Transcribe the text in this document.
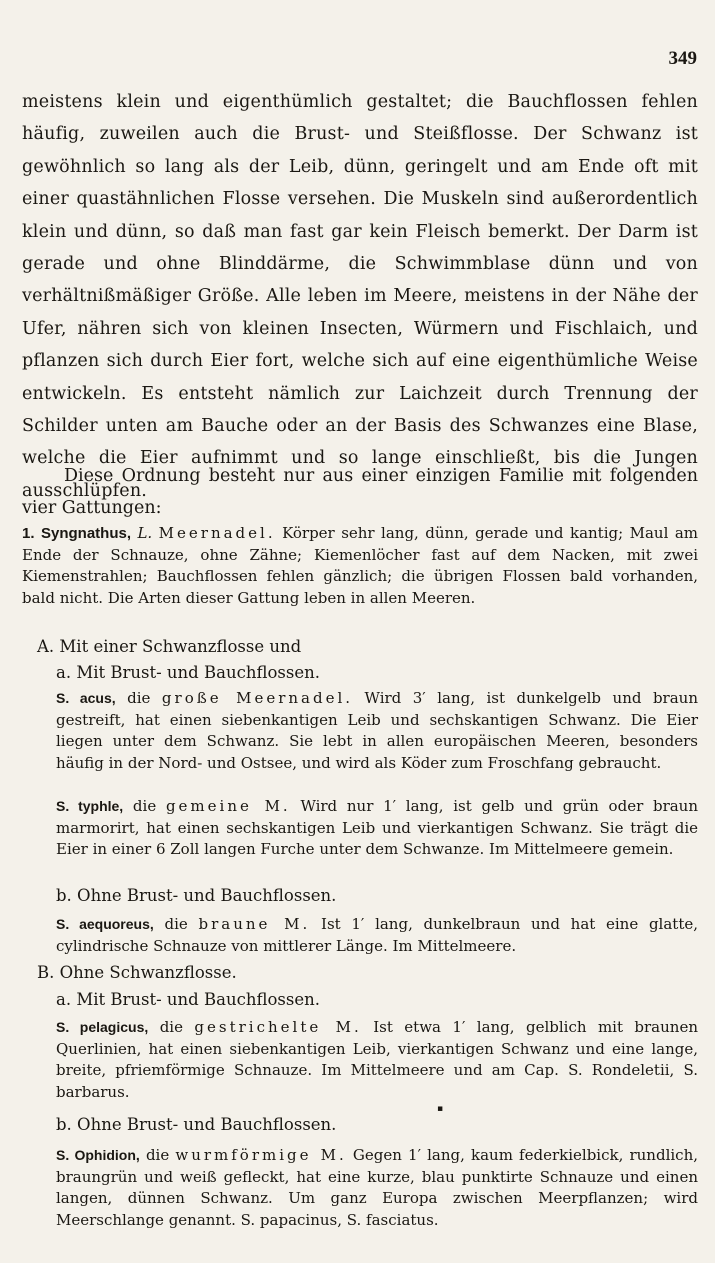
349

meistens klein und eigenthümlich gestaltet; die Bauchflossen fehlen häufig, zuweilen auch die Brust- und Steißflosse. Der Schwanz ist gewöhnlich so lang als der Leib, dünn, geringelt und am Ende oft mit einer quastähnlichen Flosse versehen. Die Muskeln sind außerordentlich klein und dünn, so daß man fast gar kein Fleisch bemerkt. Der Darm ist gerade und ohne Blinddärme, die Schwimmblase dünn und von verhältnißmäßiger Größe. Alle leben im Meere, meistens in der Nähe der Ufer, nähren sich von kleinen Insecten, Würmern und Fischlaich, und pflanzen sich durch Eier fort, welche sich auf eine eigenthümliche Weise entwickeln. Es entsteht nämlich zur Laichzeit durch Trennung der Schilder unten am Bauche oder an der Basis des Schwanzes eine Blase, welche die Eier aufnimmt und so lange einschließt, bis die Jungen ausschlüpfen.

Diese Ordnung besteht nur aus einer einzigen Familie mit folgenden vier Gattungen:

1. Syngnathus, L. Meernadel. Körper sehr lang, dünn, gerade und kantig; Maul am Ende der Schnauze, ohne Zähne; Kiemenlöcher fast auf dem Nacken, mit zwei Kiemenstrahlen; Bauchflossen fehlen gänzlich; die übrigen Flossen bald vorhanden, bald nicht. Die Arten dieser Gattung leben in allen Meeren.
A. Mit einer Schwanzflosse und
a. Mit Brust- und Bauchflossen.
S. acus, die große Meernadel. Wird 3′ lang, ist dunkelgelb und braun gestreift, hat einen siebenkantigen Leib und sechskantigen Schwanz. Die Eier liegen unter dem Schwanz. Sie lebt in allen europäischen Meeren, besonders häufig in der Nord- und Ostsee, und wird als Köder zum Froschfang gebraucht.
S. typhle, die gemeine M. Wird nur 1′ lang, ist gelb und grün oder braun marmorirt, hat einen sechskantigen Leib und vierkantigen Schwanz. Sie trägt die Eier in einer 6 Zoll langen Furche unter dem Schwanze. Im Mittelmeere gemein.
b. Ohne Brust- und Bauchflossen.
S. aequoreus, die braune M. Ist 1′ lang, dunkelbraun und hat eine glatte, cylindrische Schnauze von mittlerer Länge. Im Mittelmeere.
B. Ohne Schwanzflosse.
a. Mit Brust- und Bauchflossen.
S. pelagicus, die gestrichelte M. Ist etwa 1′ lang, gelblich mit braunen Querlinien, hat einen siebenkantigen Leib, vierkantigen Schwanz und eine lange, breite, pfriemförmige Schnauze. Im Mittelmeere und am Cap. S. Rondeletii, S. barbarus.
▪
b. Ohne Brust- und Bauchflossen.
S. Ophidion, die wurmförmige M. Gegen 1′ lang, kaum federkielbick, rundlich, braungrün und weiß gefleckt, hat eine kurze, blau punktirte Schnauze und einen langen, dünnen Schwanz. Um ganz Europa zwischen Meerpflanzen; wird Meerschlange genannt. S. papacinus, S. fasciatus.
